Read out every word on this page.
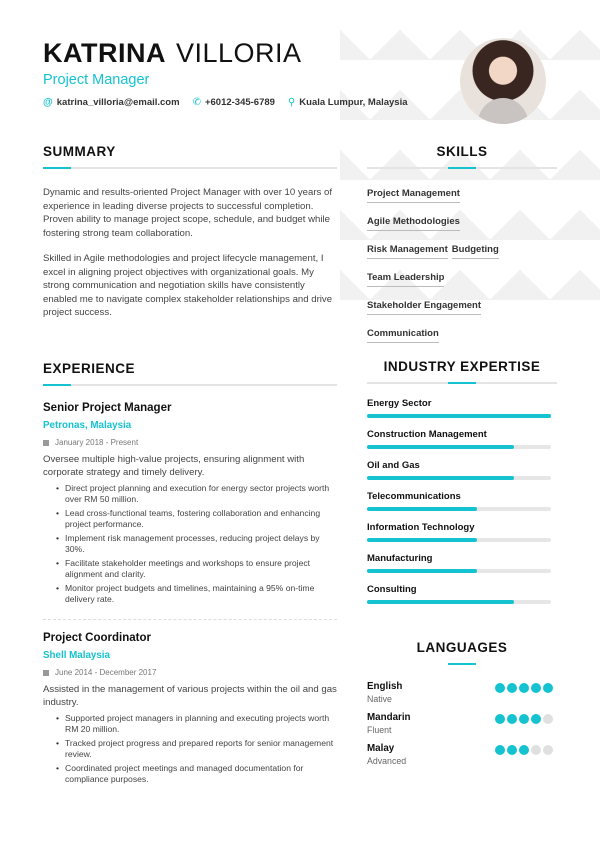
KATRINA VILLORIA
Project Manager
@ katrina_villoria@email.com ✆ +6012-345-6789 ⚲ Kuala Lumpur, Malaysia
SUMMARY

Dynamic and results-oriented Project Manager with over 10 years of experience in leading diverse projects to successful completion. Proven ability to manage project scope, schedule, and budget while fostering strong team collaboration.

Skilled in Agile methodologies and project lifecycle management, I excel in aligning project objectives with organizational goals. My strong communication and negotiation skills have consistently enabled me to navigate complex stakeholder relationships and drive project success.

EXPERIENCE
Senior Project Manager
Petronas, Malaysia
January 2018 - Present

Oversee multiple high-value projects, ensuring alignment with corporate strategy and timely delivery.

• Direct project planning and execution for energy sector projects worth over RM 50 million.
• Lead cross-functional teams, fostering collaboration and enhancing project performance.
• Implement risk management processes, reducing project delays by 30%.
• Facilitate stakeholder meetings and workshops to ensure project alignment and clarity.
• Monitor project budgets and timelines, maintaining a 95% on-time delivery rate.
Project Coordinator
Shell Malaysia
June 2014 - December 2017

Assisted in the management of various projects within the oil and gas industry.

• Supported project managers in planning and executing projects worth RM 20 million.
• Tracked project progress and prepared reports for senior management review.
• Coordinated project meetings and managed documentation for compliance purposes.
SKILLS
Project Management
Agile Methodologies
Risk Management Budgeting
Team Leadership
Stakeholder Engagement
Communication
INDUSTRY EXPERTISE
Energy Sector
Construction Management
Oil and Gas
Telecommunications
Information Technology
Manufacturing
Consulting
LANGUAGES
English
Native
Mandarin
Fluent
Malay
Advanced
